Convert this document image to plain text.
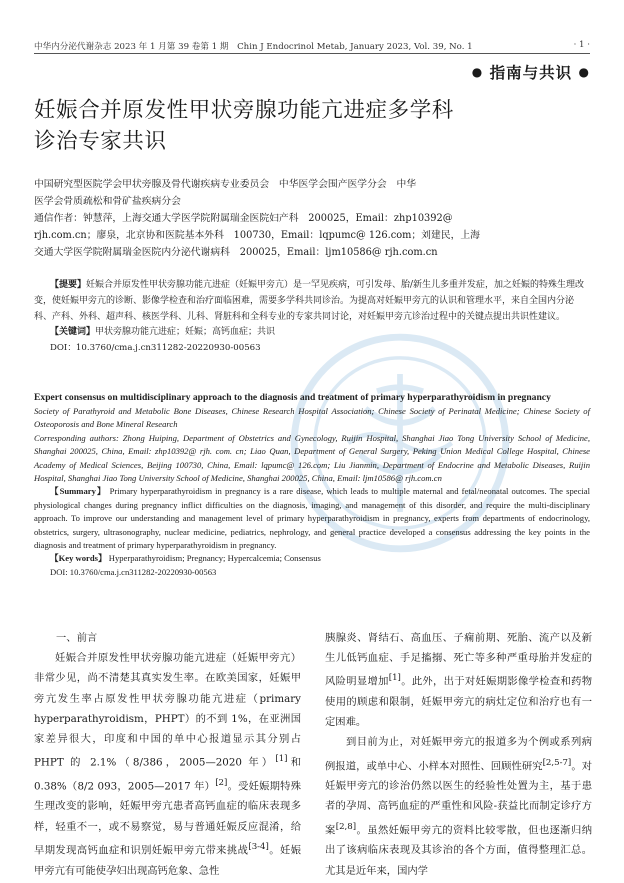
中华内分泌代谢杂志 2023 年 1 月第 39 卷第 1 期　Chin J Endocrinol Metab, January 2023, Vol. 39, No. 1	· 1 ·
● 指南与共识 ●
妊娠合并原发性甲状旁腺功能亢进症多学科
诊治专家共识
中国研究型医院学会甲状旁腺及骨代谢疾病专业委员会　中华医学会围产医学分会　中华
医学会骨质疏松和骨矿盐疾病分会
通信作者：钟慧萍，上海交通大学医学院附属瑞金医院妇产科　200025，Email：zhp10392@
rjh.com.cn；廖泉，北京协和医院基本外科　100730，Email：lqpumc@ 126.com；刘建民，上海
交通大学医学院附属瑞金医院内分泌代谢病科　200025，Email：ljm10586@ rjh.com.cn
【提要】妊娠合并原发性甲状旁腺功能亢进症（妊娠甲旁亢）是一罕见疾病，可引发母、胎/新生儿多重并发症，加之妊娠的特殊生理改变，使妊娠甲旁亢的诊断、影像学检查和治疗面临困难，需要多学科共同诊治。为提高对妊娠甲旁亢的认识和管理水平，来自全国内分泌科、产科、外科、超声科、核医学科、儿科、肾脏科和全科专业的专家共同讨论，对妊娠甲旁亢诊治过程中的关键点提出共识性建议。
【关键词】甲状旁腺功能亢进症；妊娠；高钙血症；共识
DOI：10.3760/cma.j.cn311282-20220930-00563
Expert consensus on multidisciplinary approach to the diagnosis and treatment of primary hyperparathyroidism in pregnancy
Society of Parathyroid and Metabolic Bone Diseases, Chinese Research Hospital Association; Chinese Society of Perinatal Medicine; Chinese Society of Osteoporosis and Bone Mineral Research
Corresponding authors: Zhong Huiping, Department of Obstetrics and Gynecology, Ruijin Hospital, Shanghai Jiao Tong University School of Medicine, Shanghai 200025, China, Email: zhp10392@ rjh. com. cn; Liao Quan, Department of General Surgery, Peking Union Medical College Hospital, Chinese Academy of Medical Sciences, Beijing 100730, China, Email: lqpumc@ 126.com; Liu Jianmin, Department of Endocrine and Metabolic Diseases, Ruijin Hospital, Shanghai Jiao Tong University School of Medicine, Shanghai 200025, China, Email: ljm10586@ rjh.com.cn
【Summary】 Primary hyperparathyroidism in pregnancy is a rare disease, which leads to multiple maternal and fetal/neonatal outcomes. The special physiological changes during pregnancy inflict difficulties on the diagnosis, imaging, and management of this disorder, and require the multi-disciplinary approach. To improve our understanding and management level of primary hyperparathyroidism in pregnancy, experts from departments of endocrinology, obstetrics, surgery, ultrasonography, nuclear medicine, pediatrics, nephrology, and general practice developed a consensus addressing the key points in the diagnosis and treatment of primary hyperparathyroidism in pregnancy.
【Key words】 Hyperparathyroidism; Pregnancy; Hypercalcemia; Consensus
DOI: 10.3760/cma.j.cn311282-20220930-00563
一、前言
妊娠合并原发性甲状旁腺功能亢进症（妊娠甲旁亢）非常少见，尚不清楚其真实发生率。在欧美国家，妊娠甲旁亢发生率占原发性甲状旁腺功能亢进症（primary hyperparathyroidism，PHPT）的不到 1%，在亚洲国家差异很大，印度和中国的单中心报道显示其分别占 PHPT 的 2.1%（8/386，2005—2020 年）[1]和 0.38%（8/2 093，2005—2017 年）[2]。受妊娠期特殊生理改变的影响，妊娠甲旁亢患者高钙血症的临床表现多样，轻重不一，或不易察觉，易与普通妊娠反应混淆，给早期发现高钙血症和识别妊娠甲旁亢带来挑战[3-4]。妊娠甲旁亢有可能使孕妇出现高钙危象、急性
胰腺炎、肾结石、高血压、子痫前期、死胎、流产以及新生儿低钙血症、手足搐搦、死亡等多种严重母胎并发症的风险明显增加[1]。此外，出于对妊娠期影像学检查和药物使用的顾虑和限制，妊娠甲旁亢的病灶定位和治疗也有一定困难。
到目前为止，对妊娠甲旁亢的报道多为个例或系列病例报道，或单中心、小样本对照性、回顾性研究[2,5-7]。对妊娠甲旁亢的诊治仍然以医生的经验性处置为主，基于患者的孕周、高钙血症的严重性和风险-获益比而制定诊疗方案[2,8]。虽然妊娠甲旁亢的资料比较零散，但也逐渐归纳出了该病临床表现及其诊治的各个方面，值得整理汇总。尤其是近年来，国内学
